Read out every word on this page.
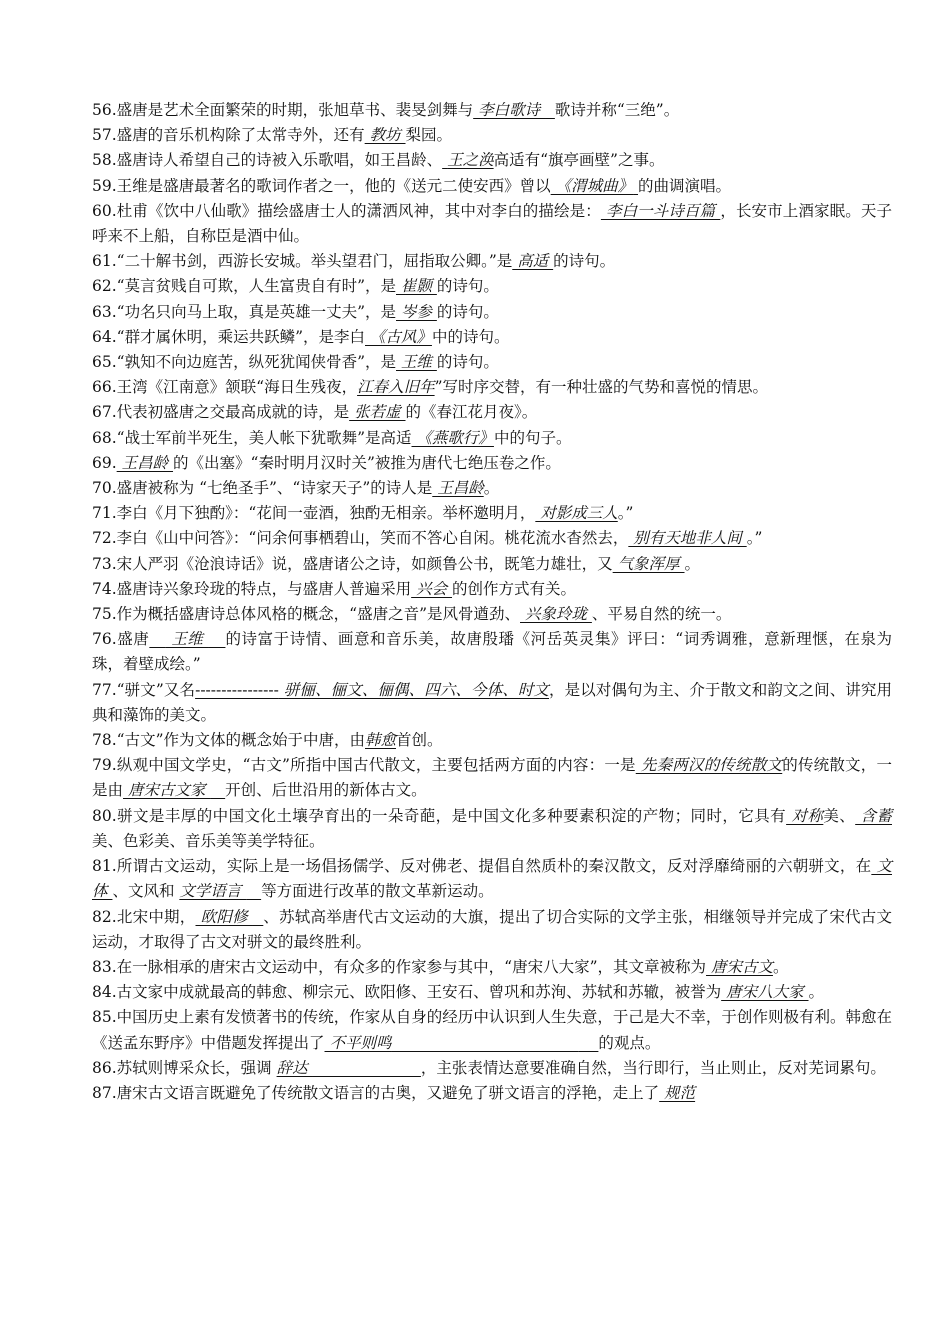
56.盛唐是艺术全面繁荣的时期，张旭草书、裴旻剑舞与 李白歌诗   歌诗并称“三绝”。

57.盛唐的音乐机构除了太常寺外，还有 教坊 梨园。

58.盛唐诗人希望自己的诗被入乐歌唱，如王昌龄、 王之涣高适有“旗亭画壁”之事。

59.王维是盛唐最著名的歌词作者之一，他的《送元二使安西》曾以 《渭城曲》 的曲调演唱。

60.杜甫《饮中八仙歌》描绘盛唐士人的潇洒风神，其中对李白的描绘是： 李白一斗诗百篇 ，长安市上酒家眠。天子呼来不上船，自称臣是酒中仙。

61.“二十解书剑，西游长安城。举头望君门，屈指取公卿。”是 高适 的诗句。

62.“莫言贫贱自可欺，人生富贵自有时”，是 崔颢 的诗句。

63.“功名只向马上取，真是英雄一丈夫”，是 岑参 的诗句。

64.“群才属休明，乘运共跃鳞”，是李白 《古风》中的诗句。

65.“孰知不向边庭苦，纵死犹闻侠骨香”，是 王维 的诗句。

66.王湾《江南意》颔联“海日生残夜，江春入旧年”写时序交替，有一种壮盛的气势和喜悦的情思。

67.代表初盛唐之交最高成就的诗，是 张若虚 的《春江花月夜》。

68.“战士军前半死生，美人帐下犹歌舞”是高适 《燕歌行》中的句子。

69. 王昌龄 的《出塞》“秦时明月汉时关”被推为唐代七绝压卷之作。

70.盛唐被称为 “七绝圣手”、“诗家天子”的诗人是 王昌龄。

71.李白《月下独酌》：“花间一壶酒，独酌无相亲。举杯邀明月， 对影成三人。”

72.李白《山中问答》：“问余何事栖碧山，笑而不答心自闲。桃花流水杳然去， 别有天地非人间 。”

73.宋人严羽《沧浪诗话》说，盛唐诸公之诗，如颜鲁公书，既笔力雄壮，又 气象浑厚 。

74.盛唐诗兴象玲珑的特点，与盛唐人普遍采用 兴会 的创作方式有关。

75.作为概括盛唐诗总体风格的概念，“盛唐之音”是风骨遒劲、 兴象玲珑 、平易自然的统一。

76.盛唐    王维    的诗富于诗情、画意和音乐美，故唐殷璠《河岳英灵集》评曰：“词秀调雅，意新理惬，在泉为珠，着壁成绘。”

77.“骈文”又名---------------- 骈俪、俪文、俪偶、四六、今体、时文，是以对偶句为主、介于散文和韵文之间、讲究用典和藻饰的美文。

78.“古文”作为文体的概念始于中唐，由韩愈首创。

79.纵观中国文学史，“古文”所指中国古代散文，主要包括两方面的内容：一是 先秦两汉的传统散文的传统散文，一是由 唐宋古文家    开创、后世沿用的新体古文。

80.骈文是丰厚的中国文化土壤孕育出的一朵奇葩，是中国文化多种要素积淀的产物；同时，它具有 对称美、 含蓄美、色彩美、音乐美等美学特征。

81.所谓古文运动，实际上是一场倡扬儒学、反对佛老、提倡自然质朴的秦汉散文，反对浮靡绮丽的六朝骈文，在 文体 、文风和 文学语言    等方面进行改革的散文革新运动。

82.北宋中期， 欧阳修   、苏轼高举唐代古文运动的大旗，提出了切合实际的文学主张，相继领导并完成了宋代古文运动，才取得了古文对骈文的最终胜利。

83.在一脉相承的唐宋古文运动中，有众多的作家参与其中，“唐宋八大家”，其文章被称为 唐宋古文。

84.古文家中成就最高的韩愈、柳宗元、欧阳修、王安石、曾巩和苏洵、苏轼和苏辙，被誉为 唐宋八大家 。

85.中国历史上素有发愤著书的传统，作家从自身的经历中认识到人生失意，于己是大不幸，于创作则极有利。韩愈在《送孟东野序》中借题发挥提出了 不平则鸣	的观点。

86.苏轼则博采众长，强调 辞达	，主张表情达意要准确自然，当行即行，当止则止，反对芜词累句。

87.唐宋古文语言既避免了传统散文语言的古奥，又避免了骈文语言的浮艳，走上了 规范
